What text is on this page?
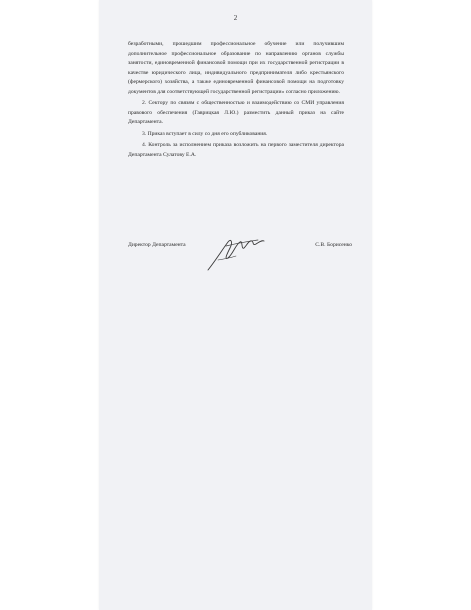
2

безработными, прошедшим профессиональное обучение или получившим дополнительное профессиональное образование по направлению органов службы занятости, единовременной финансовой помощи при их государственной регистрации в качестве юридического лица, индивидуального предпринимателя либо крестьянского (фермерского) хозяйства, а также единовременной финансовой помощи на подготовку документов для соответствующей государственной регистрации» согласно приложению.

2. Сектору по связям с общественностью и взаимодействию со СМИ управления правового обеспечения (Гаврицкая Л.Ю.) разместить данный приказ на сайте Департамента.

3. Приказ вступает в силу со дня его опубликования.

4. Контроль за исполнением приказа возложить на первого заместителя директора Департамента Сулатову Е.А.

Директор Департамента	С.В. Борисенко
